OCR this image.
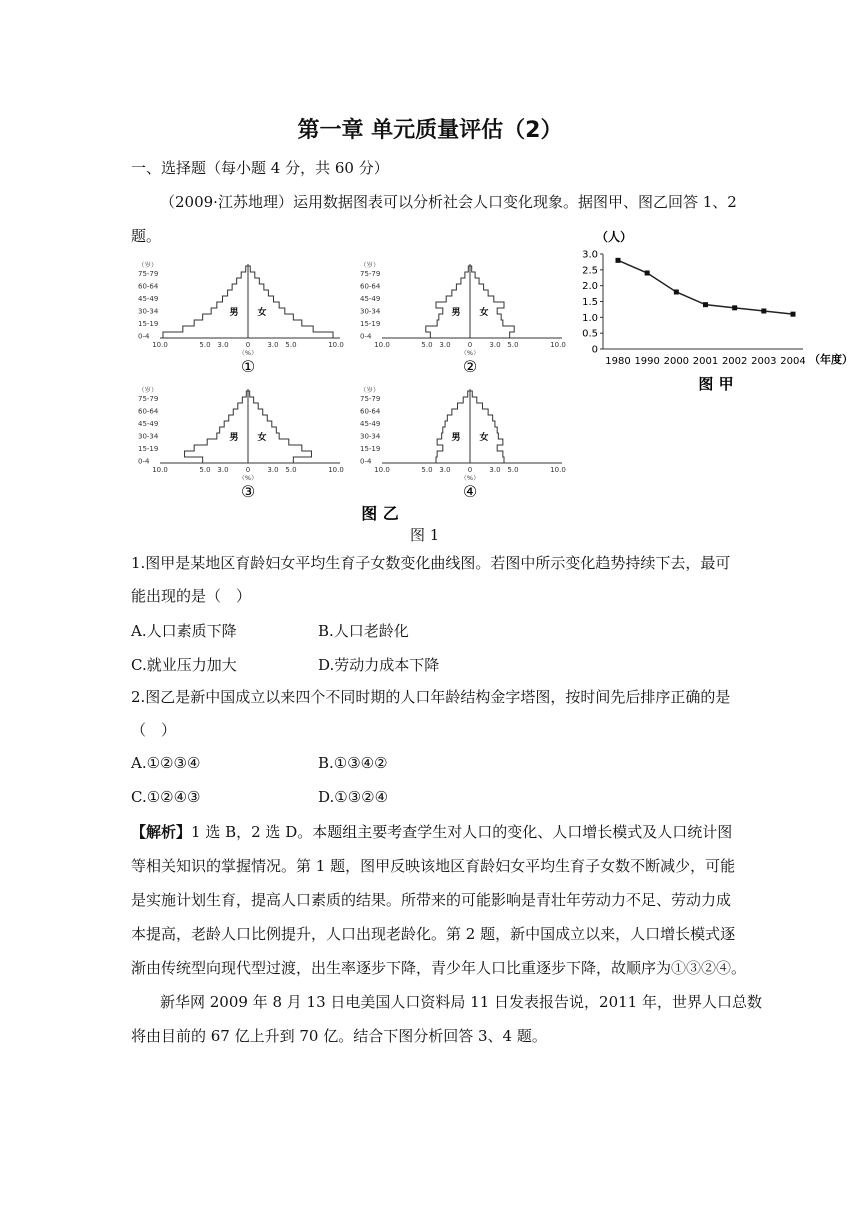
第一章 单元质量评估（2）
一、选择题（每小题 4 分，共 60 分）
（2009·江苏地理）运用数据图表可以分析社会人口变化现象。据图甲、图乙回答 1、2
题。
（岁）
75-79
60-64
45-49
30-34
15-19
0-4
10.0	5.0 3.0 0 3.0 5.0	10.0
（%）
男 女
①
（岁）
75-79
60-64
45-49
30-34
15-19
0-4
10.0	5.0 3.0 0 3.0 5.0	10.0
（%）
男 女
②
（岁）
75-79
60-64
45-49
30-34
15-19
0-4
10.0	5.0 3.0 0 3.0 5.0	10.0
（%）
男 女
③
（岁）
75-79
60-64
45-49
30-34
15-19
0-4
10.0	5.0 3.0 0 3.0 5.0	10.0
（%）
男 女
④
图 乙
（人）
0
0.5
1.0
1.5
2.0
2.5
3.0
1980 1990 2000 2001 2002 2003 2004 （年度）
图 甲
图 1
1.图甲是某地区育龄妇女平均生育子女数变化曲线图。若图中所示变化趋势持续下去，最可
能出现的是（　）
A.人口素质下降	B.人口老龄化
C.就业压力加大	D.劳动力成本下降
2.图乙是新中国成立以来四个不同时期的人口年龄结构金字塔图，按时间先后排序正确的是
（　）
A.①②③④	B.①③④②
C.①②④③	D.①③②④
【解析】1 选 B，2 选 D。本题组主要考查学生对人口的变化、人口增长模式及人口统计图
等相关知识的掌握情况。第 1 题，图甲反映该地区育龄妇女平均生育子女数不断减少，可能
是实施计划生育，提高人口素质的结果。所带来的可能影响是青壮年劳动力不足、劳动力成
本提高，老龄人口比例提升，人口出现老龄化。第 2 题，新中国成立以来，人口增长模式逐
渐由传统型向现代型过渡，出生率逐步下降，青少年人口比重逐步下降，故顺序为①③②④。
新华网 2009 年 8 月 13 日电美国人口资料局 11 日发表报告说，2011 年，世界人口总数
将由目前的 67 亿上升到 70 亿。结合下图分析回答 3、4 题。
